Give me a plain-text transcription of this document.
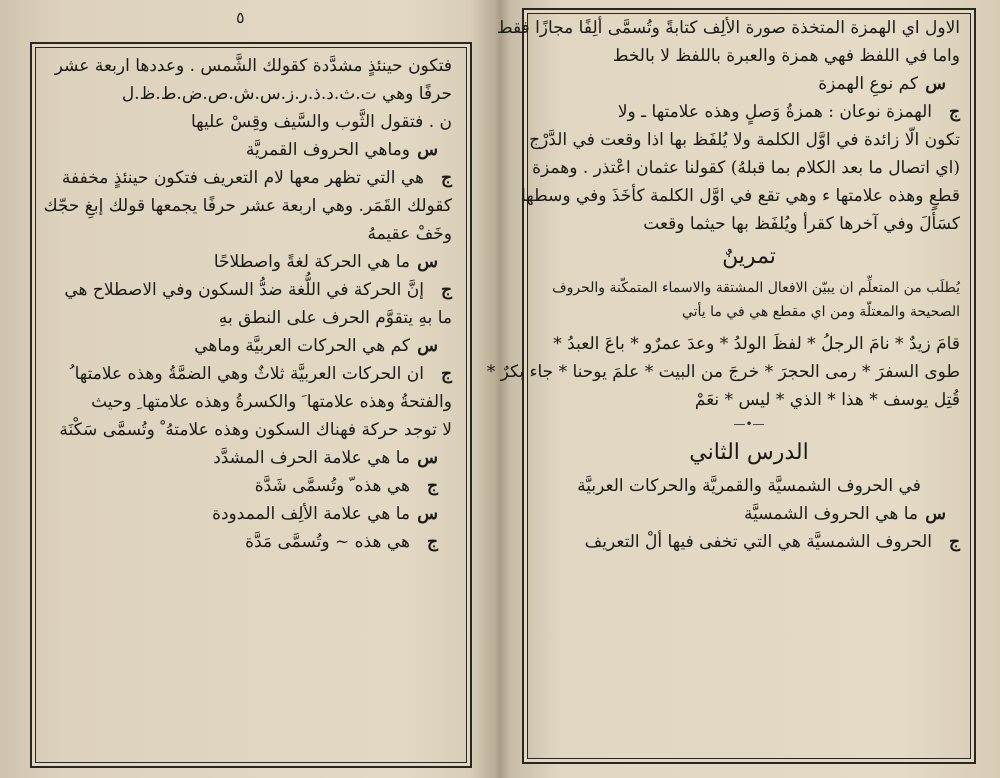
٥
فتكون حينئذٍ مشدَّدة كقولك الشَّمس . وعددها اربعة عشر
حرفًا وهي ت.ث.د.ذ.ر.ز.س.ش.ص.ض.ط.ظ.ل
ن . فتقول الثَّوب والسَّيف وقِسْ عليها
سوماهي الحروف القمريَّة
جهي التي تظهر معها لام التعريف فتكون حينئذٍ مخففة
كقولك القَمَر. وهي اربعة عشر حرفًا يجمعها قولك إبغِ حجّك
وخَفْ عقيمهُ
سما هي الحركة لغةً واصطلاحًا
جإنَّ الحركة في اللُّغة ضدُّ السكون وفي الاصطلاح هي
ما بهِ يتقوَّم الحرف على النطق بهِ
سكم هي الحركات العربيَّة وماهي
جان الحركات العربيَّة ثلاثٌ وهي الضمَّةُ وهذه علامتها ُ
والفتحةُ وهذه علامتها َ والكسرةُ وهذه علامتها ِ وحيث
لا توجد حركة فهناك السكون وهذه علامتهُ ْ وتُسمَّى سَكْنَة
سما هي علامة الحرف المشدَّد
جهي هذه ّ وتُسمَّى شَدَّة
سما هي علامة الألِف الممدودة
جهي هذه ~ وتُسمَّى مَدَّة
الاول اي الهمزة المتخذة صورة الألِف كتابةً وتُسمَّى ألِفًا مجازًا فقط
واما في اللفظ فهي همزة والعبرة باللفظ لا بالخط
سكم نوعِ الهمزة
جالهمزة نوعان : همزةُ وَصلٍ وهذه علامتها ـ ولا
تكون الّا زائدة في اوَّل الكلمة ولا يُلفَظ بها اذا وقعت في الدَّرْج
(اي اتصال ما بعد الكلام بما قبلهُ) كقولنا عثمان اعْتذر . وهمزة
قطعٍ وهذه علامتها ء وهي تقع في اوَّل الكلمة كأخَذَ وفي وسطها
كسَأَلَ وفي آخرها كقرأ ويُلفَظ بها حيثما وقعت
تمرينٌ
يُطلَب من المتعلِّم ان يبيّن الافعال المشتقة والاسماء المتمكّنة والحروف
الصحيحة والمعتلّة ومن اي مقطع هي في ما يأتي
قامَ زيدٌ * نامَ الرجلُ * لفظَ الولدُ * وعدَ عمرٌو * باعَ العبدُ *
طوى السفرَ * رمى الحجرَ * خرجَ من البيت * علمَ يوحنا * جاء بكرٌ *
قُتِل يوسف * هذا * الذي * ليس * نعَمْ
—•—
الدرس الثاني
في الحروف الشمسيَّة والقمريَّة والحركات العربيَّة
سما هي الحروف الشمسيَّة
جالحروف الشمسيَّة هي التي تخفى فيها ألْ التعريف
